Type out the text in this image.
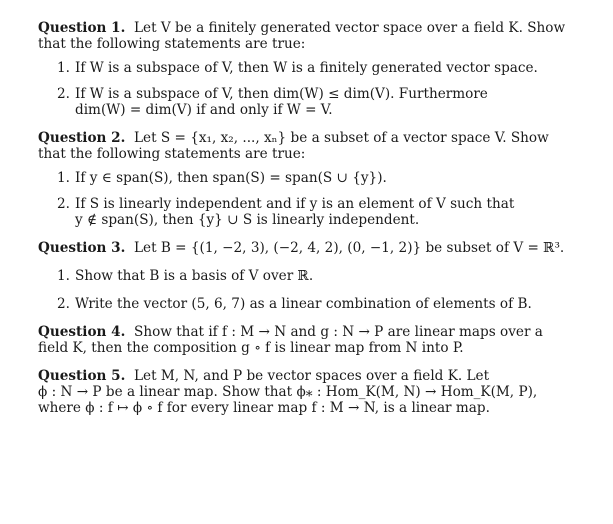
Question 1. Let V be a finitely generated vector space over a field K. Show
that the following statements are true:
1. If W is a subspace of V, then W is a finitely generated vector space.
2. If W is a subspace of V, then dim(W) ≤ dim(V). Furthermore
dim(W) = dim(V) if and only if W = V.
Question 2. Let S = {x₁, x₂, ..., xₙ} be a subset of a vector space V. Show
that the following statements are true:
1. If y ∈ span(S), then span(S) = span(S ∪ {y}).
2. If S is linearly independent and if y is an element of V such that
y ∉ span(S), then {y} ∪ S is linearly independent.
Question 3. Let B = {(1, −2, 3), (−2, 4, 2), (0, −1, 2)} be subset of V = ℝ³.
1. Show that B is a basis of V over ℝ.
2. Write the vector (5, 6, 7) as a linear combination of elements of B.
Question 4. Show that if f : M → N and g : N → P are linear maps over a
field K, then the composition g ∘ f is linear map from N into P.
Question 5. Let M, N, and P be vector spaces over a field K. Let
ϕ : N → P be a linear map. Show that ϕ⁎ : Hom_K(M, N) → Hom_K(M, P),
where ϕ : f ↦ ϕ ∘ f for every linear map f : M → N, is a linear map.
